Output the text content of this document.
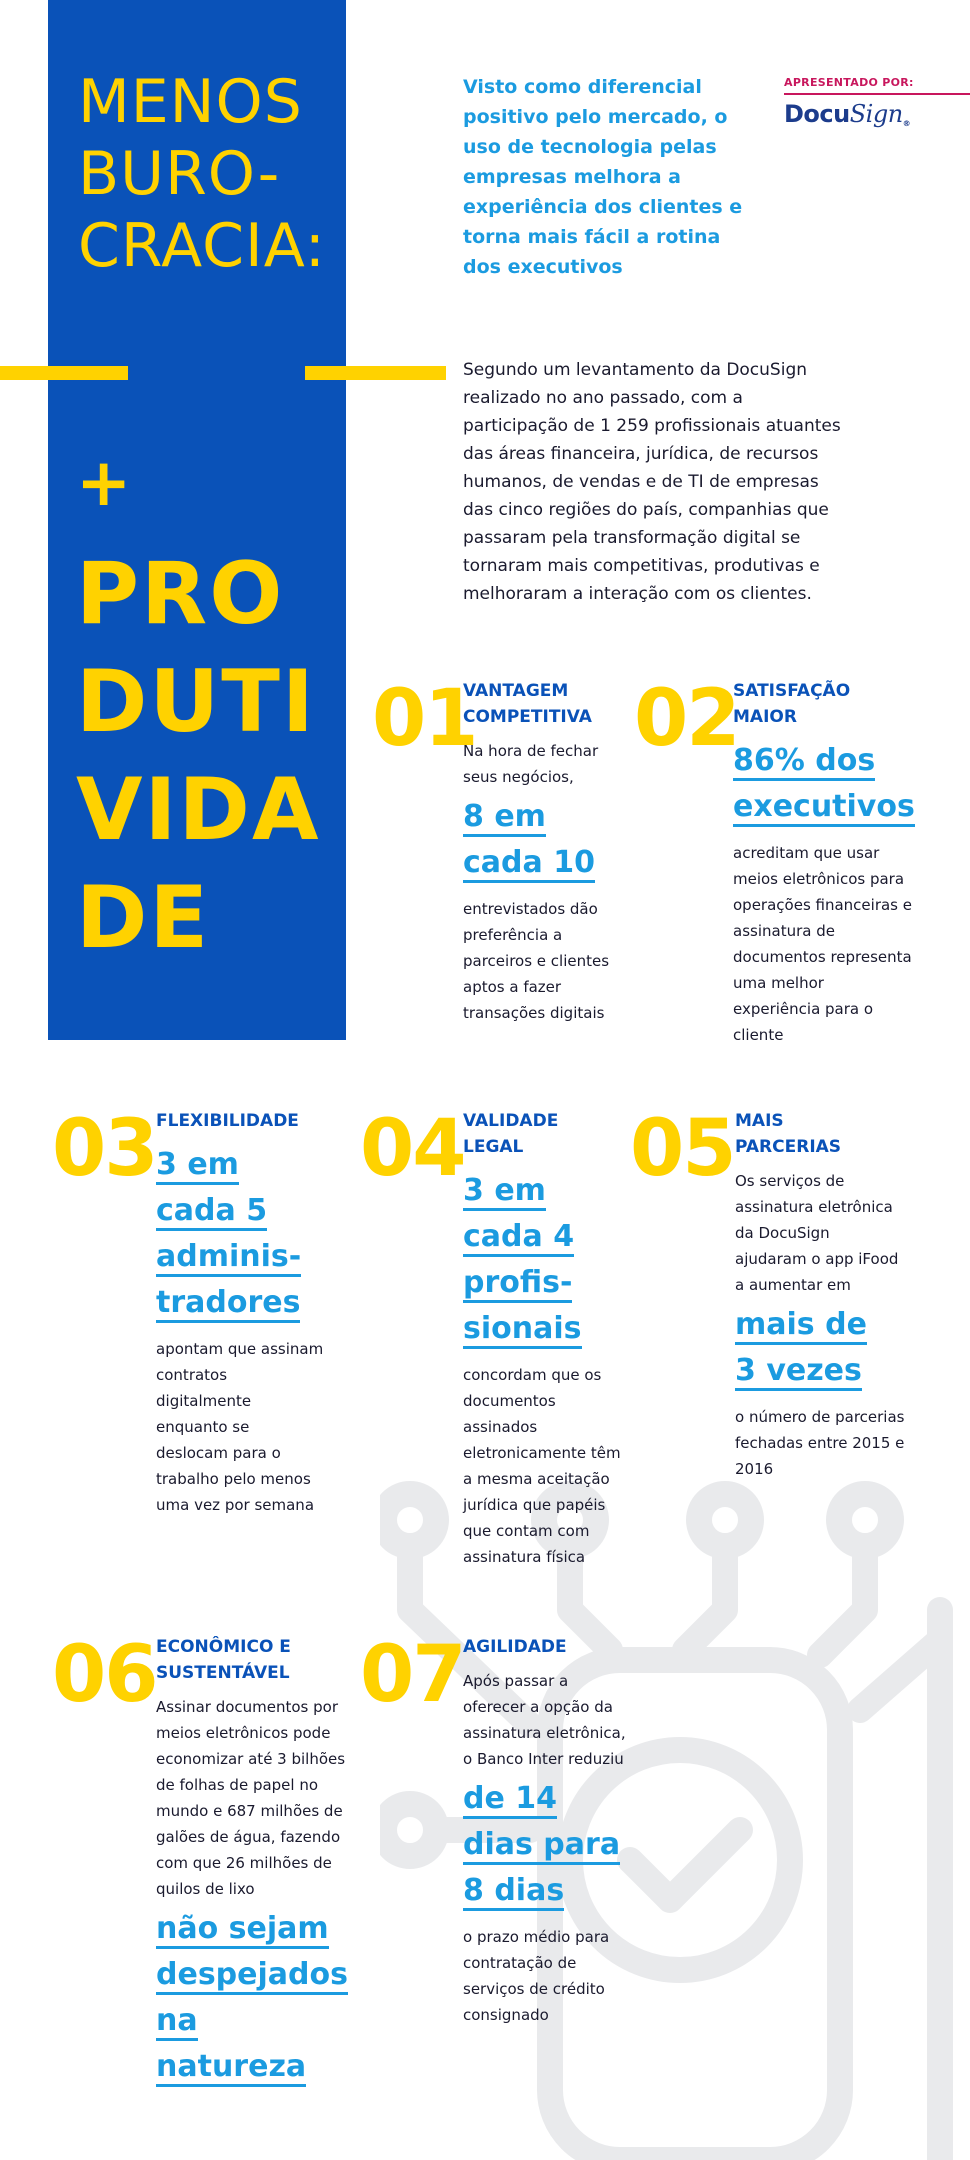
MENOS
BURO-
CRACIA:
+
PRO
DUTI
VIDA
DE
Visto como diferencial positivo pelo mercado, o uso de tecnologia pelas empresas melhora a experiência dos clientes e torna mais fácil a rotina dos executivos
APRESENTADO POR:
DocuSign®
Segundo um levantamento da DocuSign realizado no ano passado, com a participação de 1 259 profissionais atuantes das áreas financeira, jurídica, de recursos humanos, de vendas e de TI de empresas das cinco regiões do país, companhias que passaram pela transformação digital se tornaram mais competitivas, produtivas e melhoraram a interação com os clientes.
01
VANTAGEM
COMPETITIVA
Na hora de fechar seus negócios,
8 em
cada 10
entrevistados dão preferência a parceiros e clientes aptos a fazer transações digitais
02
SATISFAÇÃO
MAIOR
86% dos
executivos
acreditam que usar meios eletrônicos para operações financeiras e assinatura de documentos representa uma melhor experiência para o cliente
03 FLEXIBILIDADE
3 em
cada 5
adminis-
tradores
apontam que assinam contratos digitalmente enquanto se deslocam para o trabalho pelo menos uma vez por semana
04
VALIDADE
LEGAL
3 em
cada 4
profis-
sionais
concordam que os documentos assinados eletronicamente têm a mesma aceitação jurídica que papéis que contam com assinatura física
05 MAIS
PARCERIAS
Os serviços de assinatura eletrônica da DocuSign ajudaram o app iFood a aumentar em
mais de
3 vezes
o número de parcerias fechadas entre 2015 e 2016
06 ECONÔMICO E
SUSTENTÁVEL
Assinar documentos por meios eletrônicos pode economizar até 3 bilhões de folhas de papel no mundo e 687 milhões de galões de água, fazendo com que 26 milhões de quilos de lixo
não sejam
despejados
na natureza
07
AGILIDADE
Após passar a oferecer a opção da assinatura eletrônica, o Banco Inter reduziu
de 14
dias para
8 dias
o prazo médio para contratação de serviços de crédito consignado
